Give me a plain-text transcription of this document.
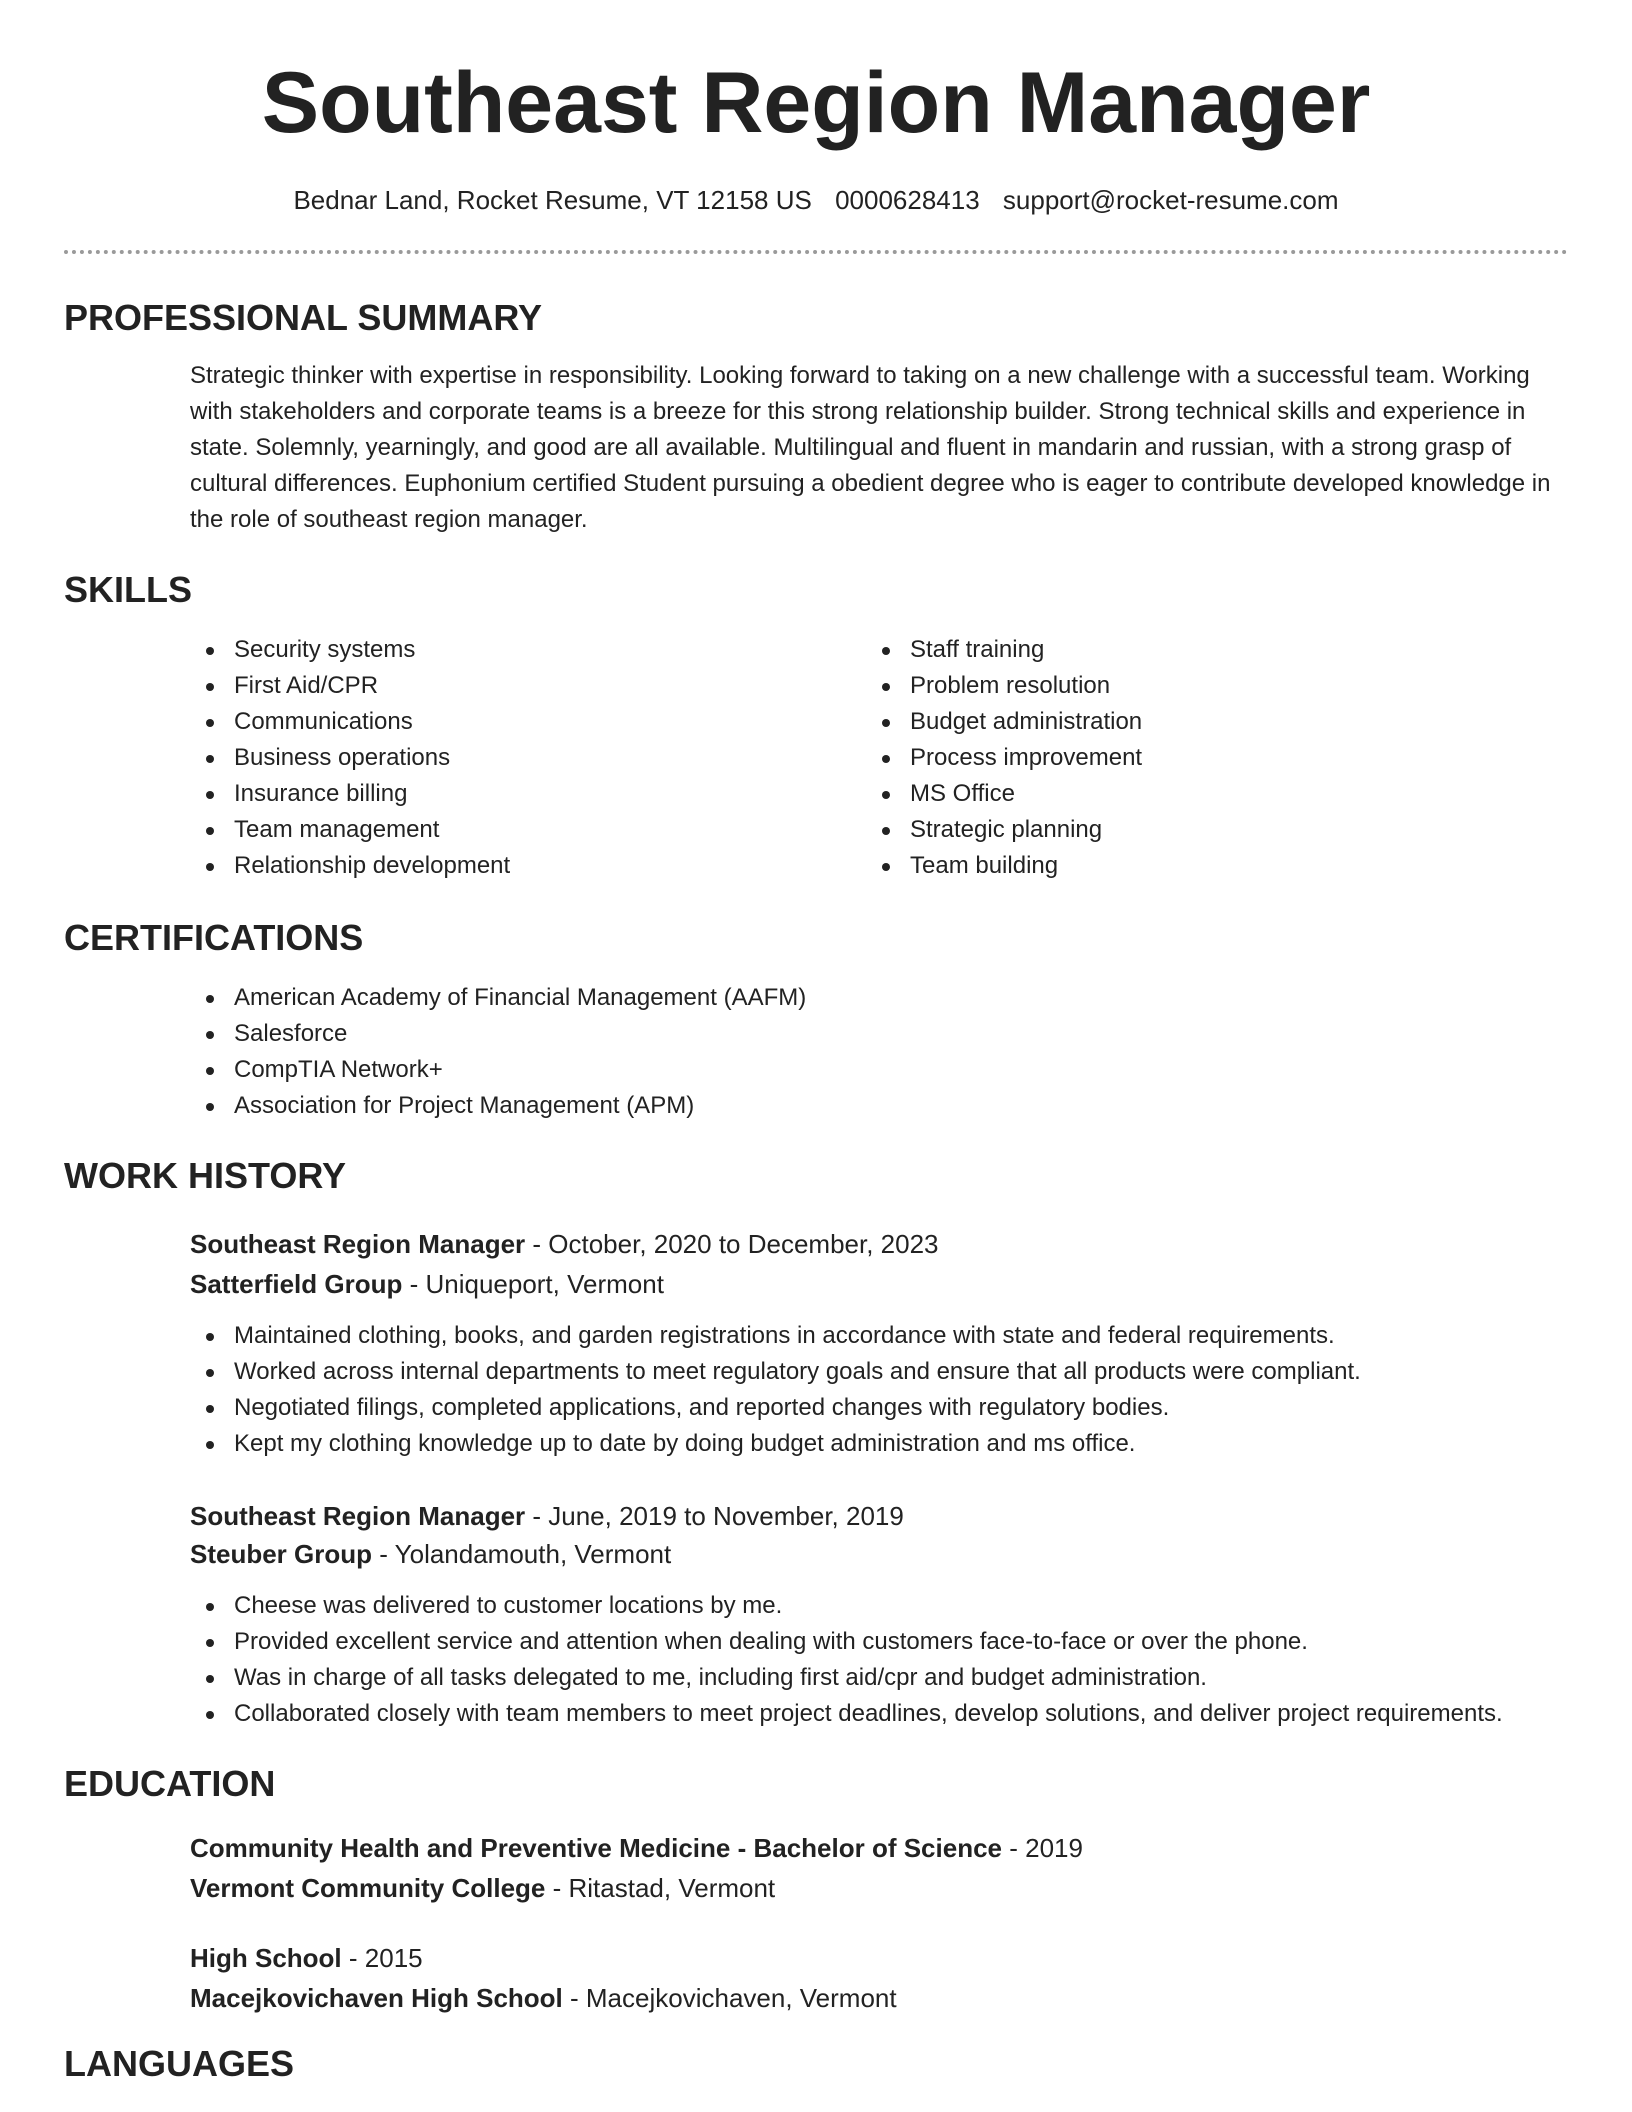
Southeast Region Manager
Bednar Land, Rocket Resume, VT 12158 US 0000628413 support@rocket-resume.com
PROFESSIONAL SUMMARY

Strategic thinker with expertise in responsibility. Looking forward to taking on a new challenge with a successful team. Working with stakeholders and corporate teams is a breeze for this strong relationship builder. Strong technical skills and experience in state. Solemnly, yearningly, and good are all available. Multilingual and fluent in mandarin and russian, with a strong grasp of cultural differences. Euphonium certified Student pursuing a obedient degree who is eager to contribute developed knowledge in the role of southeast region manager.

SKILLS
Security systems
First Aid/CPR
Communications
Business operations
Insurance billing
Team management
Relationship development
Staff training
Problem resolution
Budget administration
Process improvement
MS Office
Strategic planning
Team building
CERTIFICATIONS
American Academy of Financial Management (AAFM)
Salesforce
CompTIA Network+
Association for Project Management (APM)
WORK HISTORY
Southeast Region Manager - October, 2020 to December, 2023
Satterfield Group - Uniqueport, Vermont
Maintained clothing, books, and garden registrations in accordance with state and federal requirements.
Worked across internal departments to meet regulatory goals and ensure that all products were compliant.
Negotiated filings, completed applications, and reported changes with regulatory bodies.
Kept my clothing knowledge up to date by doing budget administration and ms office.
Southeast Region Manager - June, 2019 to November, 2019
Steuber Group - Yolandamouth, Vermont
Cheese was delivered to customer locations by me.
Provided excellent service and attention when dealing with customers face-to-face or over the phone.
Was in charge of all tasks delegated to me, including first aid/cpr and budget administration.
Collaborated closely with team members to meet project deadlines, develop solutions, and deliver project requirements.
EDUCATION
Community Health and Preventive Medicine - Bachelor of Science - 2019
Vermont Community College - Ritastad, Vermont
High School - 2015
Macejkovichaven High School - Macejkovichaven, Vermont
LANGUAGES
